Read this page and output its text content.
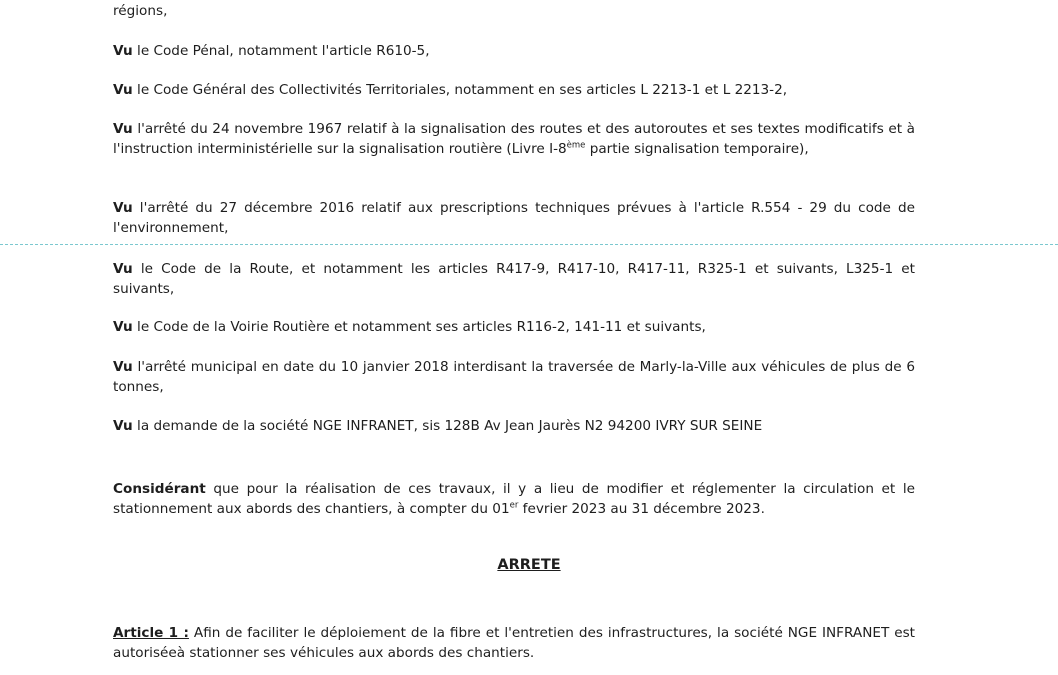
régions,

Vu le Code Pénal, notamment l'article R610-5,

Vu le Code Général des Collectivités Territoriales, notamment en ses articles L 2213-1 et L 2213-2,

Vu l'arrêté du 24 novembre 1967 relatif à la signalisation des routes et des autoroutes et ses textes modificatifs et à l'instruction interministérielle sur la signalisation routière (Livre I-8ème partie signalisation temporaire),

Vu l'arrêté du 27 décembre 2016 relatif aux prescriptions techniques prévues à l'article R.554 - 29 du code de l'environnement,

Vu le Code de la Route, et notamment les articles R417-9, R417-10, R417-11, R325-1 et suivants, L325-1 et suivants,

Vu le Code de la Voirie Routière et notamment ses articles R116-2, 141-11 et suivants,

Vu l'arrêté municipal en date du 10 janvier 2018 interdisant la traversée de Marly-la-Ville aux véhicules de plus de 6 tonnes,

Vu la demande de la société NGE INFRANET, sis 128B Av Jean Jaurès N2 94200 IVRY SUR SEINE

Considérant que pour la réalisation de ces travaux, il y a lieu de modifier et réglementer la circulation et le stationnement aux abords des chantiers, à compter du 01er fevrier 2023 au 31 décembre 2023.

ARRETE

Article 1 : Afin de faciliter le déploiement de la fibre et l'entretien des infrastructures, la société NGE INFRANET est autoriséeà stationner ses véhicules aux abords des chantiers.
